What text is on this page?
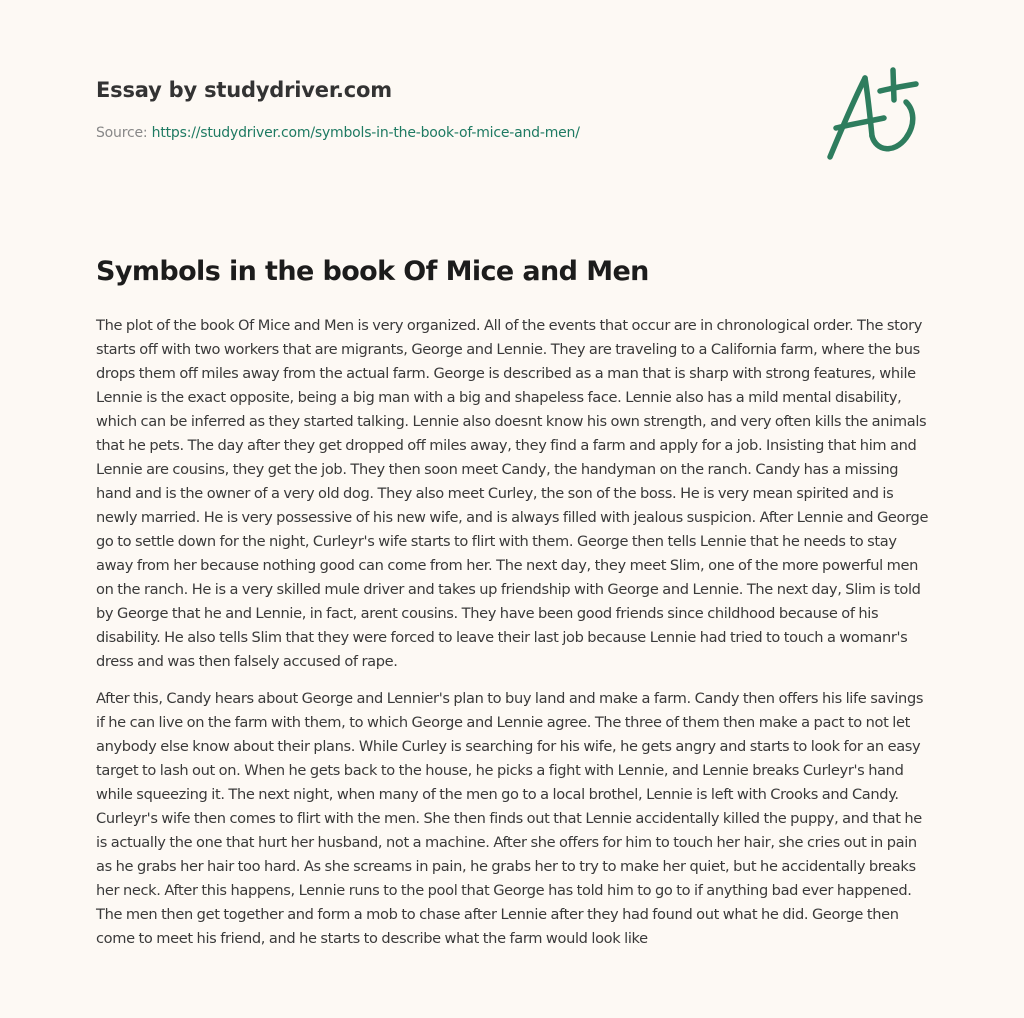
Essay by studydriver.com
Source: https://studydriver.com/symbols-in-the-book-of-mice-and-men/
Symbols in the book Of Mice and Men

The plot of the book Of Mice and Men is very organized. All of the events that occur are in chronological order. The story starts off with two workers that are migrants, George and Lennie. They are traveling to a California farm, where the bus drops them off miles away from the actual farm. George is described as a man that is sharp with strong features, while Lennie is the exact opposite, being a big man with a big and shapeless face. Lennie also has a mild mental disability, which can be inferred as they started talking. Lennie also doesnt know his own strength, and very often kills the animals that he pets. The day after they get dropped off miles away, they find a farm and apply for a job. Insisting that him and Lennie are cousins, they get the job. They then soon meet Candy, the handyman on the ranch. Candy has a missing hand and is the owner of a very old dog. They also meet Curley, the son of the boss. He is very mean spirited and is newly married. He is very possessive of his new wife, and is always filled with jealous suspicion. After Lennie and George go to settle down for the night, Curleyr's wife starts to flirt with them. George then tells Lennie that he needs to stay away from her because nothing good can come from her. The next day, they meet Slim, one of the more powerful men on the ranch. He is a very skilled mule driver and takes up friendship with George and Lennie. The next day, Slim is told by George that he and Lennie, in fact, arent cousins. They have been good friends since childhood because of his disability. He also tells Slim that they were forced to leave their last job because Lennie had tried to touch a womanr's dress and was then falsely accused of rape.

After this, Candy hears about George and Lennier's plan to buy land and make a farm. Candy then offers his life savings if he can live on the farm with them, to which George and Lennie agree. The three of them then make a pact to not let anybody else know about their plans. While Curley is searching for his wife, he gets angry and starts to look for an easy target to lash out on. When he gets back to the house, he picks a fight with Lennie, and Lennie breaks Curleyr's hand while squeezing it. The next night, when many of the men go to a local brothel, Lennie is left with Crooks and Candy. Curleyr's wife then comes to flirt with the men. She then finds out that Lennie accidentally killed the puppy, and that he is actually the one that hurt her husband, not a machine. After she offers for him to touch her hair, she cries out in pain as he grabs her hair too hard. As she screams in pain, he grabs her to try to make her quiet, but he accidentally breaks her neck. After this happens, Lennie runs to the pool that George has told him to go to if anything bad ever happened. The men then get together and form a mob to chase after Lennie after they had found out what he did. George then come to meet his friend, and he starts to describe what the farm would look like
